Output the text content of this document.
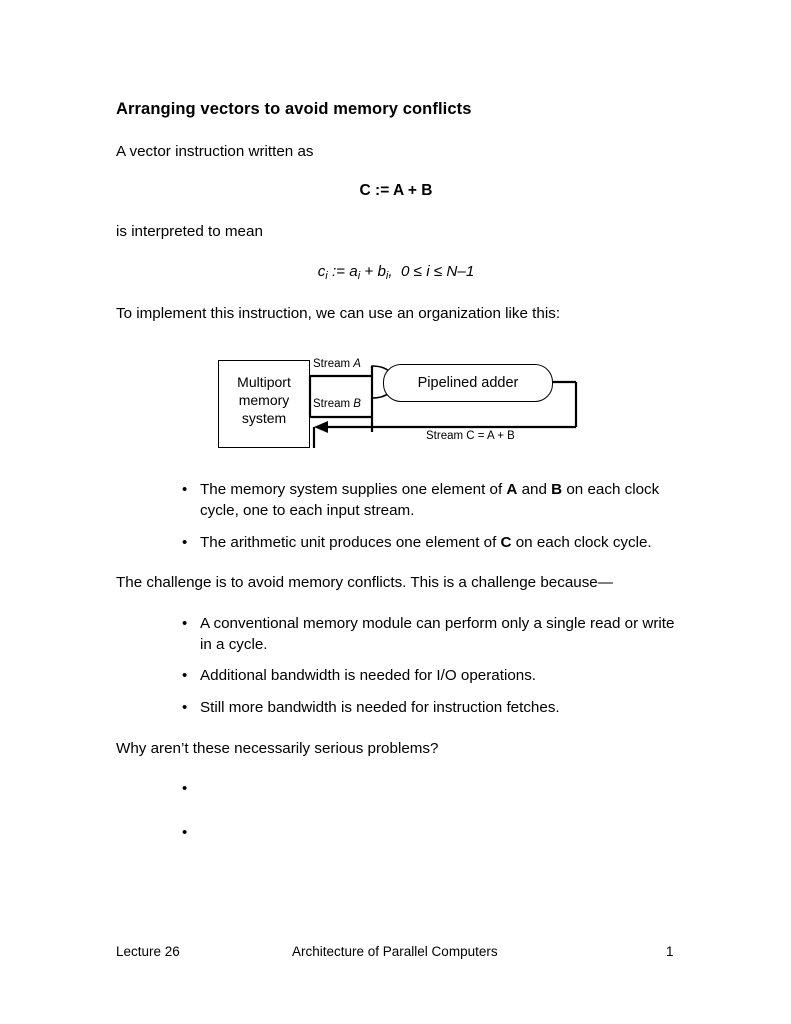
Arranging vectors to avoid memory conflicts

A vector instruction written as

C := A + B

is interpreted to mean

$c_i$ := $a_i + b_i$,  0 ≤ i ≤ N–1

To implement this instruction, we can use an organization like this:

Multiport
memory
system
Stream A
Stream B
Stream C = A + B
Pipelined adder
• The memory system supplies one element of A and B on each clock cycle, one to each input stream.
• The arithmetic unit produces one element of C on each clock cycle.

The challenge is to avoid memory conflicts. This is a challenge because—

• A conventional memory module can perform only a single read or write in a cycle.
• Additional bandwidth is needed for I/O operations.
• Still more bandwidth is needed for instruction fetches.

Why aren’t these necessarily serious problems?

•
•
Lecture 26	Architecture of Parallel Computers	1
